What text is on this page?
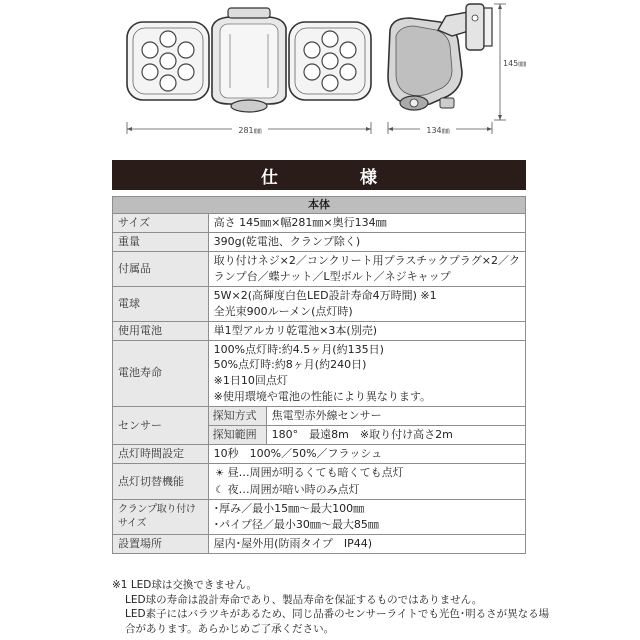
281㎜	134㎜
145㎜
仕 様
本体		
サイズ	高さ 145㎜×幅281㎜×奥行134㎜	

重量	390g(乾電池、クランプ除く)	

付属品	取り付けネジ×2／コンクリート用プラスチックプラグ×2／ク
ランプ台／蝶ナット／L型ボルト／ネジキャップ	

電球	5W×2(高輝度白色LED設計寿命4万時間) ※1
全光束900ルーメン(点灯時)	

使用電池	単1型アルカリ乾電池×3本(別売)	

電池寿命	100%点灯時:約4.5ヶ月(約135日)
50%点灯時:約8ヶ月(約240日)
※1日10回点灯
※使用環境や電池の性能により異なります。	

センサー	探知方式	焦電型赤外線センサー
	探知範囲	180°　最遠8m　※取り付け高さ2m
点灯時間設定	10秒　100%／50%／フラッシュ	

点灯切替機能	☀ 昼…周囲が明るくても暗くても点灯
☾ 夜…周囲が暗い時のみ点灯	

クランプ取り付けサイズ	･厚み／最小15㎜～最大100㎜
･パイプ径／最小30㎜～最大85㎜	

設置場所	屋内･屋外用(防雨タイプ　IP44)	
※1 LED球は交換できません。
LED球の寿命は設計寿命であり、製品寿命を保証するものではありません。
LED素子にはバラツキがあるため、同じ品番のセンサーライトでも光色･明るさが異なる場
合があります。あらかじめご了承ください。
